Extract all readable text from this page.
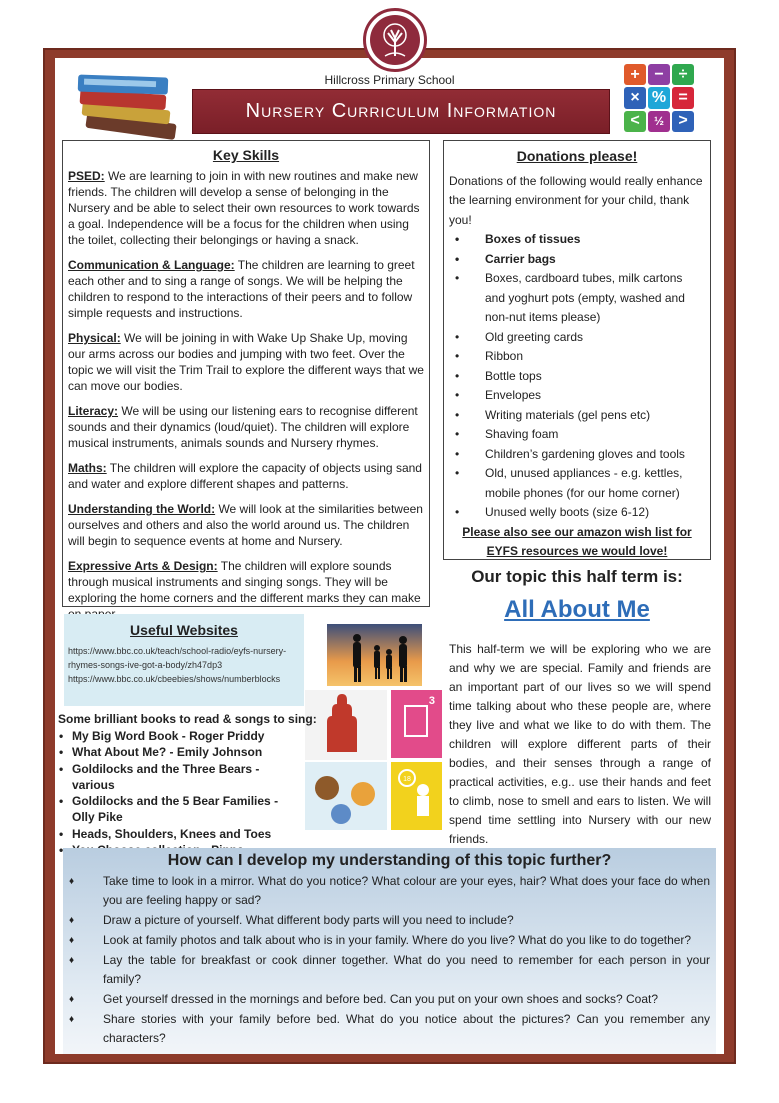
Hillcross Primary School
Nursery Curriculum Information
+ − ÷
× % =
<	½ >
Key Skills

PSED: We are learning to join in with new routines and make new friends. The children will develop a sense of belonging in the Nursery and be able to select their own resources to work towards a goal. Independence will be a focus for the children when using the toilet, collecting their belongings or having a snack.

Communication & Language: The children are learning to greet each other and to sing a range of songs. We will be helping the children to respond to the interactions of their peers and to follow simple requests and instructions.

Physical: We will be joining in with Wake Up Shake Up, moving our arms across our bodies and jumping with two feet. Over the topic we will visit the Trim Trail to explore the different ways that we can move our bodies.

Literacy: We will be using our listening ears to recognise different sounds and their dynamics (loud/quiet). The children will explore musical instruments, animals sounds and Nursery rhymes.

Maths: The children will explore the capacity of objects using sand and water and explore different shapes and patterns.

Understanding the World: We will look at the similarities between ourselves and others and also the world around us. The children will begin to sequence events at home and Nursery.

Expressive Arts & Design: The children will explore sounds through musical instruments and singing songs. They will be exploring the home corners and the different marks they can make

Donations please!

Donations of the following would really enhance the learning environment for your child, thank you!

• Boxes of tissues
• Carrier bags
• Boxes, cardboard tubes, milk cartons and yoghurt pots (empty, washed and non-nut items please)
• Old greeting cards
• Ribbon
• Bottle tops
• Envelopes
• Writing materials (gel pens etc)
• Shaving foam
• Children’s gardening gloves and tools
• Old, unused appliances - e.g. kettles, mobile phones (for our home corner)
• Unused welly boots (size 6-12)

Please also see our amazon wish list for EYFS resources we would love!

Our topic this half term is:
All About Me

This half-term we will be exploring who we are and why we are special. Family and friends are an important part of our lives so we will spend time talking about who these people are, where they live and what we like to do with them. The children will explore different parts of their bodies, and their senses through a range of practical activities, e.g.. use their hands and feet to climb, nose to smell and ears to listen. We will spend time settling into Nursery with our new friends.

Useful Websites

https://www.bbc.co.uk/teach/school-radio/eyfs-nursery-rhymes-songs-ive-got-a-body/zh47dp3

https://www.bbc.co.uk/cbeebies/shows/numberblocks

3
18
Some brilliant books to read & songs to sing:
• My Big Word Book - Roger Priddy
• What About Me? - Emily Johnson
• Goldilocks and the Three Bears - various
• Goldilocks and the 5 Bear Families - Olly Pike
• Heads, Shoulders, Knees and Toes
•
How can I develop my understanding of this topic further?
♦ Take time to look in a mirror. What do you notice? What colour are your eyes, hair? What does your face do when you are feeling happy or sad?
♦ Draw a picture of yourself. What different body parts will you need to include?
♦ Look at family photos and talk about who is in your family. Where do you live? What do you like to do together?
♦ Lay the table for breakfast or cook dinner together. What do you need to remember for each person in your family?
♦ Get yourself dressed in the mornings and before bed. Can you put on your own shoes and socks? Coat?
♦ Share stories with your family before bed. What do you notice about the pictures? Can you remember any characters?
